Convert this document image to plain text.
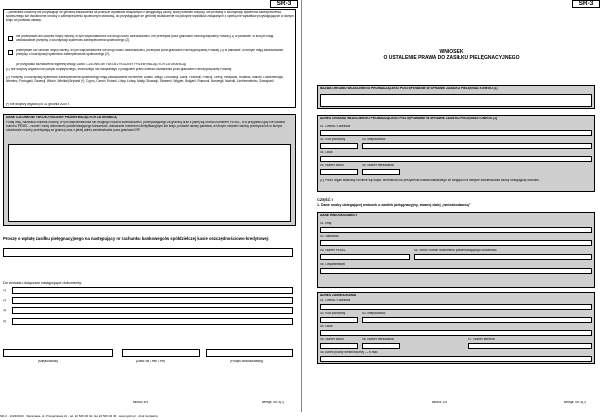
SR-3
– pobierałeś rodzinny nie przysługuje ze gminnej świadczenia na pokrycie wydatków związanych z pielęgnacją osoby, której wniosek dotyczy, lub przepisy o koordynacji systemów zabezpieczenia społecznego lub dwustronne umowy o zabezpieczeniu społecznym stanowią, do przysługujące ze gminnej świadczenie na pokrycie wydatków związanych z opieką nie wydatków przysługujących w danym kraju od podstaw ustawy:
nie przebywam ani członek mojej rodziny, w tym wspólmałżonek lub drugi rodzic dziecka/dzieci, nie przebywa poza granicami Rzeczypospolitej Polskiej (1) w państwie, w którym mają zastosowanie przepisy o koordynacji systemów zabezpieczenia społecznego (2).
przebywam lub członek mojej rodziny, w tym wspólmałżonek lub drugi rodzic dziecka/dzieci, przebywa poza granicami Rzeczypospolitej Polskiej (1) w państwie, w którym mają zastosowanie przepisy o koordynacji systemów zabezpieczenia społecznego (2).
(w przypadku zaznaczenia wypełnij sekcję DANE CZŁONKÓW TWOJEJ RODZINY PRZEBYWAJĄCYCH ZA GRANICĄ)
(1) Nie dotyczy wyjazdu lub pobytu turystycznego, leczniczego lub związanego z podjęciem przez dziecko kształcenia poza granicami Rzeczypospolitej Polskiej.
(2) Przepisy o koordynacji systemów zabezpieczenia społecznego mają zastosowanie na terenie: Austrii, Belgii, Chorwacji, Danii, Finlandii, Francji, Grecji, Hiszpanii, Holandii, Irlandii, Luksemburga, Niemiec, Portugalii, Szwecji, Włoch, Wielkiej Brytanii (*), Cypru, Czech, Estonii, Litwy, Łotwy, Malty, Słowacji, Słowenii, Węgier, Bułgarii, Rumunii, Norwegii, Islandii, Liechtensteinu, Szwajcarii.
(*) nie dotyczy wyjazdu po 31 grudnia 2020 r.
DANE CZŁONKÓW TWOJEJ RODZINY PRZEBYWAJĄCYCH ZA GRANICĄ
Podaj imię, nazwisko członka rodziny, w tym wspólmałżonka lub drugiego rodzica dziecka/dzieci, przebywającego za granicą oraz z jakiej się znowu numerem PESEL, a w przypadku gdy nie nadano numeru PESEL - numer i serię dokumentu potwierdzającego tożsamość, wskazanie numerem identyfikacyjnym lub kraju, podanie nazwy państwa, w którym członek rodziny przebywa lub w którym członkowie rodziny przebywają za granicą oraz z jakiej adres zamieszkania poza granicami RP.
Proszę o wpłatę zasiłku pielęgnacyjnego na następujący nr rachunku bankowego/w spółdzielczej kasie oszczędnościowo-kredytowej:
Do wniosku dołączam następujące dokumenty:
1)
2)
3)
4)
(Miejscowość)	(Data: dd / mm / rrrr)	(Podpis wnioskodawcy)
strona: 4/4	wersja: SR-3(7)
SR-3
WNIOSEK
O USTALENIE PRAWA DO ZASIŁKU PIELĘGNACYJNEGO
NAZWA ORGANU WŁAŚCIWEGO PROWADZĄCEGO POSTĘPOWANIE W SPRAWIE ZASIŁKU PIELĘGNACYJNEGO (1)
ADRES ORGANU WŁAŚCIWEGO PROWADZĄCEGO POSTĘPOWANIE W SPRAWIE ZASIŁKU PIELĘGNACYJNEGO (1)
01. Gmina / Dzielnica
02. Kod pocztowy	03. Miejscowość
04. Ulica
05. Numer domu	06. Numer mieszkania
(1) Przez organ właściwy rozumie się wójta, burmistrza lub prezydenta miasta właściwego ze względu na miejsce zamieszkania osoby ubiegającej wniosek.
CZĘŚĆ I
1. Dane osoby ubiegającej wniosek o zasiłek pielęgnacyjny, zwanej dalej „wnioskodawcą”
DANE WNIOSKODAWCY
01. Imię
02. Nazwisko
03. Numer PESEL	04. Seria i numer dokumentu potwierdzającego tożsamość
05. Obywatelstwo
ADRES ZAMIESZKANIA
01. Gmina / Dzielnica
02. Kod pocztowy	03. Miejscowość
04. Ulica
05. Numer domu	06. Numer mieszkania	07. Numer telefonu
08. Adres poczty elektronicznej — e-mail
strona: 1/4	wersja: SR-3(7)
SR-3 · 1323/2020 · Warszawa, ul. Przejazdowa 21 · tel. 22 506 06 40, fax 22 506 06 45 · www.gofin.pl · druk bezpłatny
